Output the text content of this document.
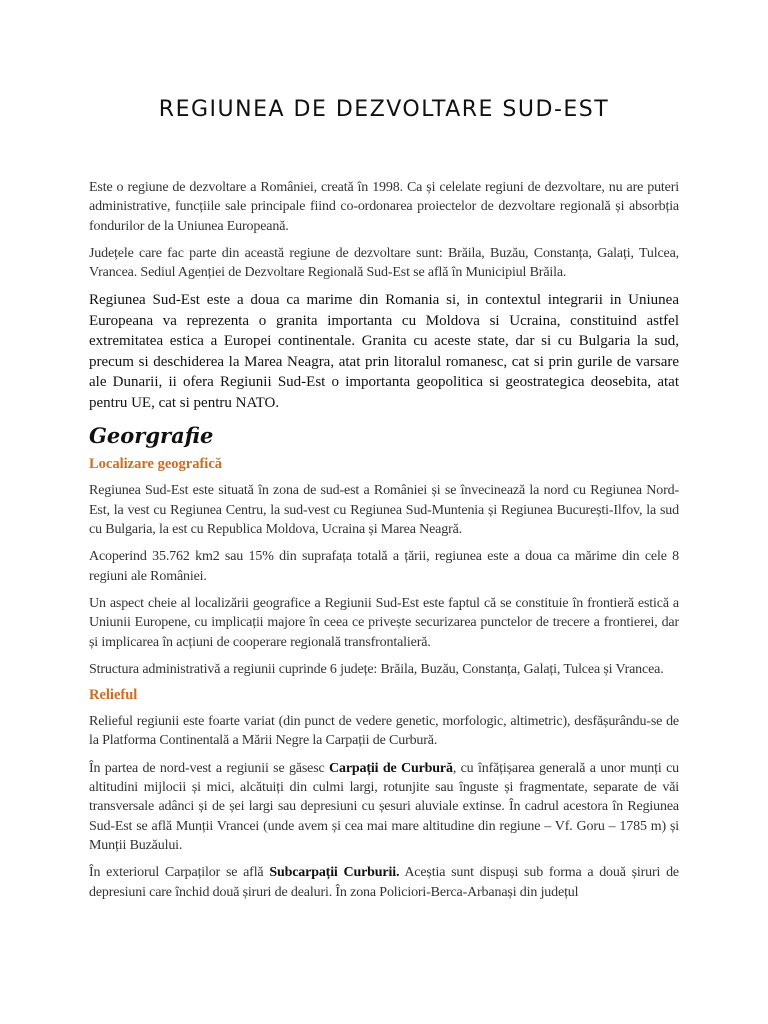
REGIUNEA DE DEZVOLTARE SUD-EST

Este o regiune de dezvoltare a României, creată în 1998. Ca și celelate regiuni de dezvoltare, nu are puteri administrative, funcțiile sale principale fiind co-ordonarea proiectelor de dezvoltare regională și absorbția fondurilor de la Uniunea Europeană.

Județele care fac parte din această regiune de dezvoltare sunt: Brăila, Buzău, Constanța, Galați, Tulcea, Vrancea. Sediul Agenției de Dezvoltare Regională Sud-Est se află în Municipiul Brăila.

Regiunea Sud-Est este a doua ca marime din Romania si, in contextul integrarii in Uniunea Europeana va reprezenta o granita importanta cu Moldova si Ucraina, constituind astfel extremitatea estica a Europei continentale. Granita cu aceste state, dar si cu Bulgaria la sud, precum si deschiderea la Marea Neagra, atat prin litoralul romanesc, cat si prin gurile de varsare ale Dunarii, ii ofera Regiunii Sud-Est o importanta geopolitica si geostrategica deosebita, atat pentru UE, cat si pentru NATO.

Georgrafie
Localizare geografică

Regiunea Sud-Est este situată în zona de sud-est a României și se învecinează la nord cu Regiunea Nord-Est, la vest cu Regiunea Centru, la sud-vest cu Regiunea Sud-Muntenia și Regiunea București-Ilfov, la sud cu Bulgaria, la est cu Republica Moldova, Ucraina și Marea Neagră.

Acoperind 35.762 km2 sau 15% din suprafața totală a țării, regiunea este a doua ca mărime din cele 8 regiuni ale României.

Un aspect cheie al localizării geografice a Regiunii Sud-Est este faptul că se constituie în frontieră estică a Uniunii Europene, cu implicații majore în ceea ce privește securizarea punctelor de trecere a frontierei, dar și implicarea în acțiuni de cooperare regională transfrontalieră.

Structura administrativă a regiunii cuprinde 6 județe: Brăila, Buzău, Constanța, Galați, Tulcea și Vrancea.

Relieful

Relieful regiunii este foarte variat (din punct de vedere genetic, morfologic, altimetric), desfășurându-se de la Platforma Continentală a Mării Negre la Carpații de Curbură.

În partea de nord-vest a regiunii se găsesc Carpații de Curbură, cu înfățișarea generală a unor munți cu altitudini mijlocii și mici, alcătuiți din culmi largi, rotunjite sau înguste și fragmentate, separate de văi transversale adânci și de șei largi sau depresiuni cu șesuri aluviale extinse. În cadrul acestora în Regiunea Sud-Est se află Munții Vrancei (unde avem și cea mai mare altitudine din regiune – Vf. Goru – 1785 m) și Munții Buzăului.

În exteriorul Carpaților se află Subcarpații Curburii. Aceștia sunt dispuși sub forma a două șiruri de depresiuni care închid două șiruri de dealuri. În zona Policiori-Berca-Arbanași din județul
